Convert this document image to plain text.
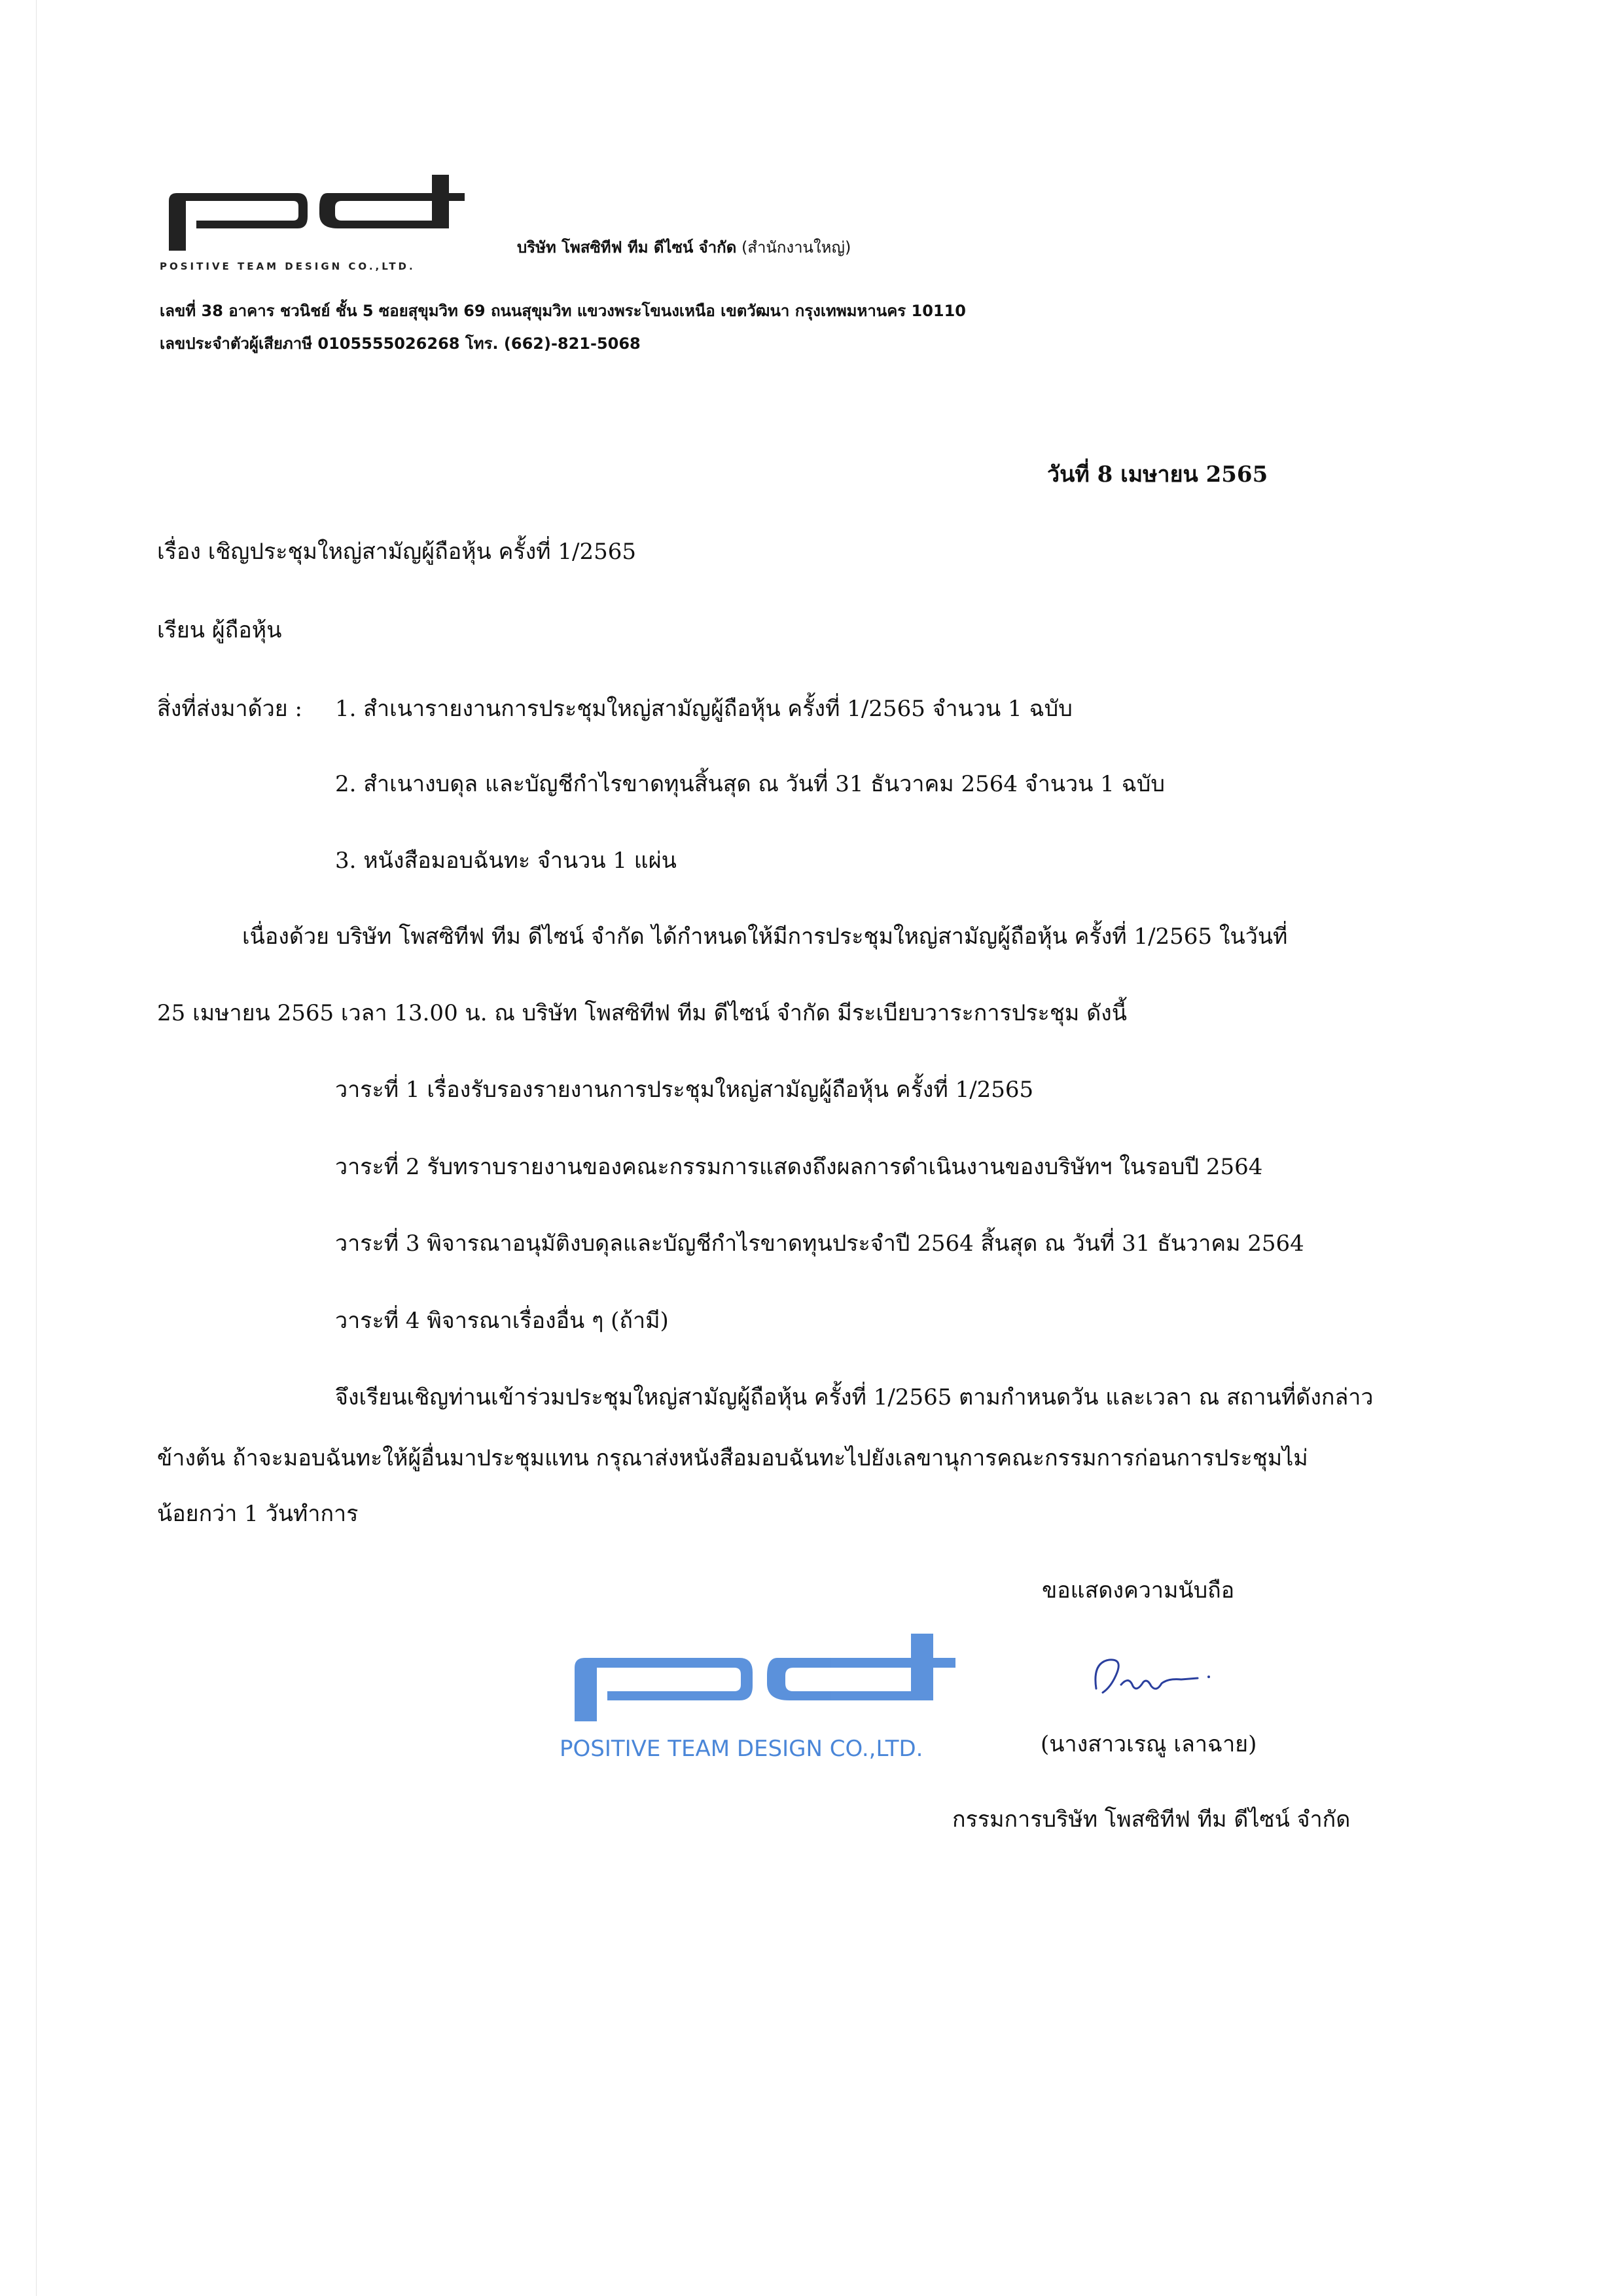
POSITIVE TEAM DESIGN CO.,LTD.
บริษัท โพสซิทีฟ ทีม ดีไซน์ จำกัด (สำนักงานใหญ่)
เลขที่ 38 อาคาร ชวนิชย์ ชั้น 5 ซอยสุขุมวิท 69 ถนนสุขุมวิท แขวงพระโขนงเหนือ เขตวัฒนา กรุงเทพมหานคร 10110
เลขประจำตัวผู้เสียภาษี 0105555026268 โทร. (662)-821-5068
วันที่ 8 เมษายน 2565
เรื่อง เชิญประชุมใหญ่สามัญผู้ถือหุ้น ครั้งที่ 1/2565
เรียน ผู้ถือหุ้น
สิ่งที่ส่งมาด้วย : 1. สำเนารายงานการประชุมใหญ่สามัญผู้ถือหุ้น ครั้งที่ 1/2565 จำนวน 1 ฉบับ
2. สำเนางบดุล และบัญชีกำไรขาดทุนสิ้นสุด ณ วันที่ 31 ธันวาคม 2564 จำนวน 1 ฉบับ
3. หนังสือมอบฉันทะ จำนวน 1 แผ่น
เนื่องด้วย บริษัท โพสซิทีฟ ทีม ดีไซน์ จำกัด ได้กำหนดให้มีการประชุมใหญ่สามัญผู้ถือหุ้น ครั้งที่ 1/2565 ในวันที่
25 เมษายน 2565 เวลา 13.00 น. ณ บริษัท โพสซิทีฟ ทีม ดีไซน์ จำกัด มีระเบียบวาระการประชุม ดังนี้
วาระที่ 1 เรื่องรับรองรายงานการประชุมใหญ่สามัญผู้ถือหุ้น ครั้งที่ 1/2565
วาระที่ 2 รับทราบรายงานของคณะกรรมการแสดงถึงผลการดำเนินงานของบริษัทฯ ในรอบปี 2564
วาระที่ 3 พิจารณาอนุมัติงบดุลและบัญชีกำไรขาดทุนประจำปี 2564 สิ้นสุด ณ วันที่ 31 ธันวาคม 2564
วาระที่ 4 พิจารณาเรื่องอื่น ๆ (ถ้ามี)
จึงเรียนเชิญท่านเข้าร่วมประชุมใหญ่สามัญผู้ถือหุ้น ครั้งที่ 1/2565 ตามกำหนดวัน และเวลา ณ สถานที่ดังกล่าว
ข้างต้น ถ้าจะมอบฉันทะให้ผู้อื่นมาประชุมแทน กรุณาส่งหนังสือมอบฉันทะไปยังเลขานุการคณะกรรมการก่อนการประชุมไม่
น้อยกว่า 1 วันทำการ
ขอแสดงความนับถือ
POSITIVE TEAM DESIGN CO.,LTD.	(นางสาวเรณู เลาฉาย)
กรรมการบริษัท โพสซิทีฟ ทีม ดีไซน์ จำกัด
